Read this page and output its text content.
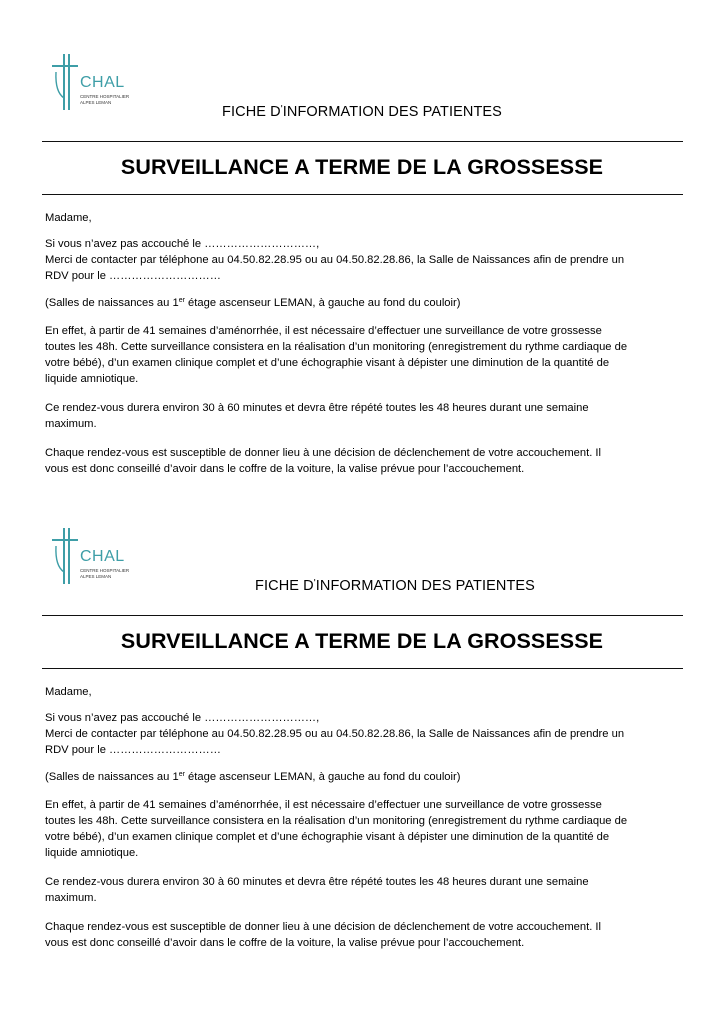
CHAL
CENTRE HOSPITALIER
ALPES LEMAN
FICHE D'INFORMATION DES PATIENTES
SURVEILLANCE A TERME DE LA GROSSESSE

Madame,

Si vous n’avez pas accouché le …………………………,

Merci de contacter par téléphone au 04.50.82.28.95 ou au 04.50.82.28.86, la Salle de Naissances afin de prendre un

RDV pour le …………………………

(Salles de naissances au 1er étage ascenseur LEMAN, à gauche au fond du couloir)

En effet, à partir de 41 semaines d’aménorrhée, il est nécessaire d’effectuer une surveillance de votre grossesse

toutes les 48h. Cette surveillance consistera en la réalisation d’un monitoring (enregistrement du rythme cardiaque de

votre bébé), d’un examen clinique complet et d’une échographie visant à dépister une diminution de la quantité de

liquide amniotique.

Ce rendez-vous durera environ 30 à 60 minutes et devra être répété toutes les 48 heures durant une semaine

maximum.

Chaque rendez-vous est susceptible de donner lieu à une décision de déclenchement de votre accouchement. Il

vous est donc conseillé d’avoir dans le coffre de la voiture, la valise prévue pour l’accouchement.

CHAL
CENTRE HOSPITALIER
ALPES LEMAN
FICHE D'INFORMATION DES PATIENTES
SURVEILLANCE A TERME DE LA GROSSESSE

Madame,

Si vous n’avez pas accouché le …………………………,

Merci de contacter par téléphone au 04.50.82.28.95 ou au 04.50.82.28.86, la Salle de Naissances afin de prendre un

RDV pour le …………………………

(Salles de naissances au 1er étage ascenseur LEMAN, à gauche au fond du couloir)

En effet, à partir de 41 semaines d’aménorrhée, il est nécessaire d’effectuer une surveillance de votre grossesse

toutes les 48h. Cette surveillance consistera en la réalisation d’un monitoring (enregistrement du rythme cardiaque de

votre bébé), d’un examen clinique complet et d’une échographie visant à dépister une diminution de la quantité de

liquide amniotique.

Ce rendez-vous durera environ 30 à 60 minutes et devra être répété toutes les 48 heures durant une semaine

maximum.

Chaque rendez-vous est susceptible de donner lieu à une décision de déclenchement de votre accouchement. Il

vous est donc conseillé d’avoir dans le coffre de la voiture, la valise prévue pour l’accouchement.
